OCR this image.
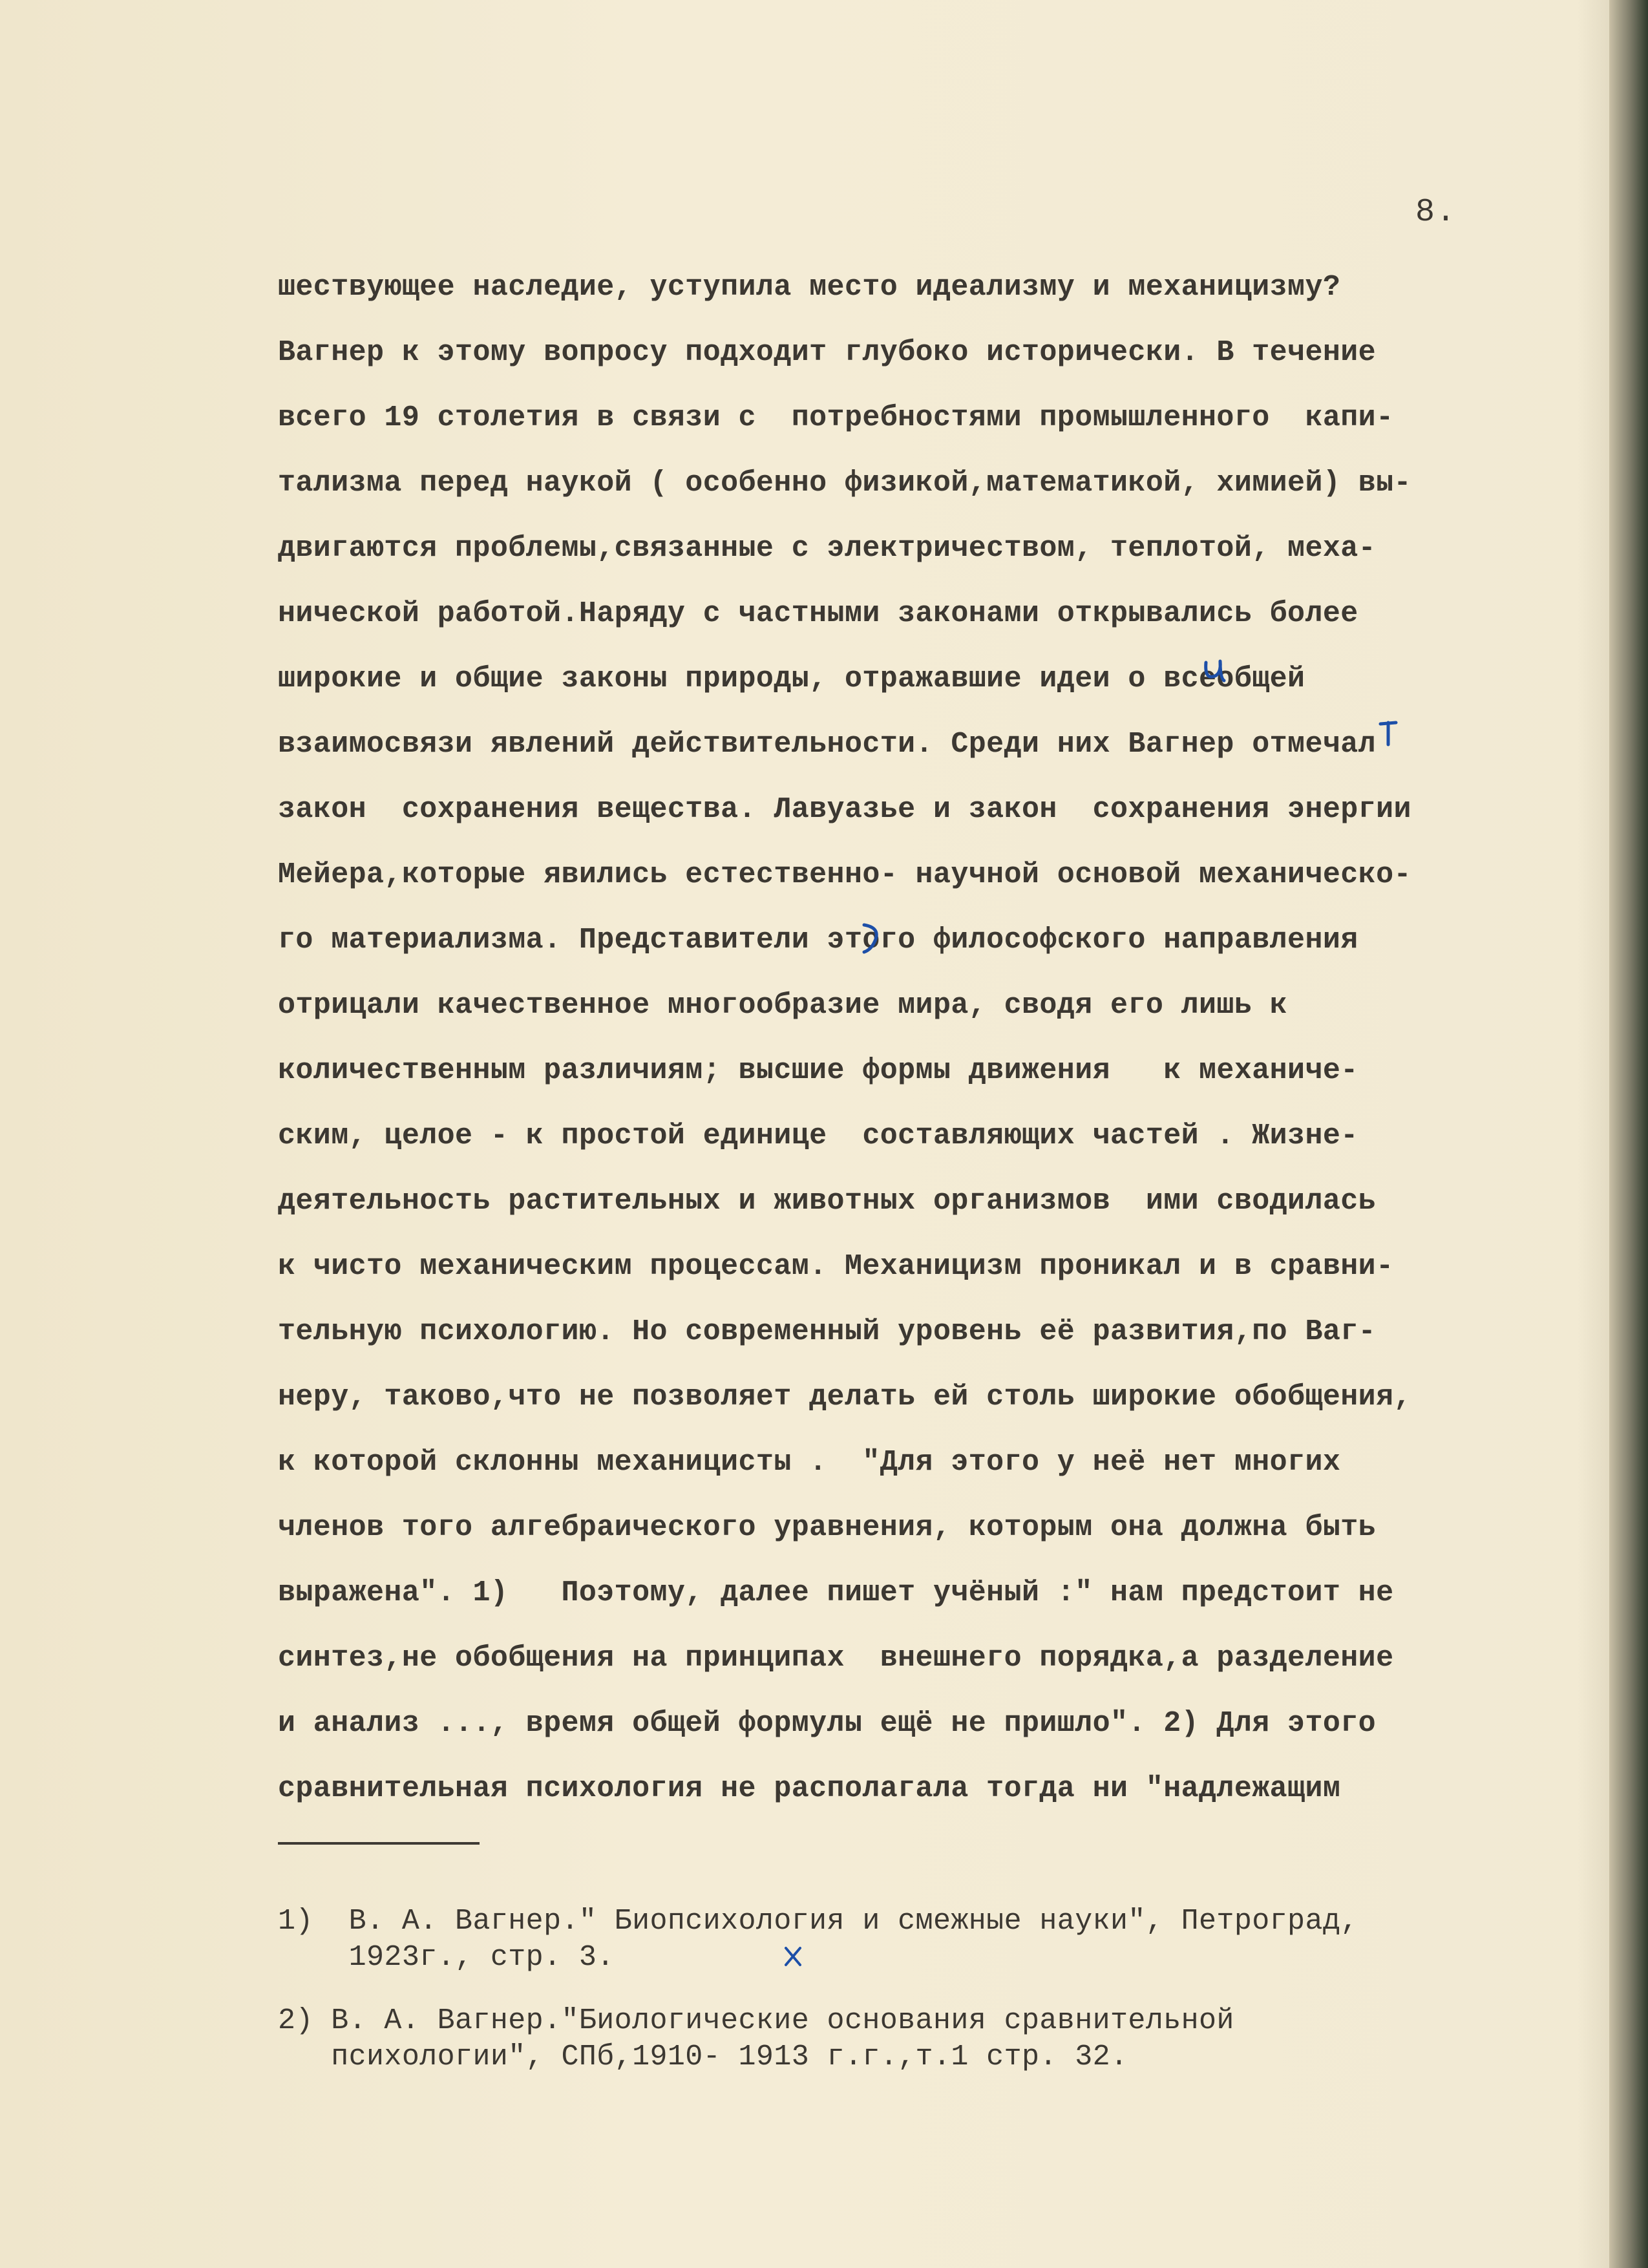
8.
шествующее наследие, уступила место идеализму и механицизму?
Вагнер к этому вопросу подходит глубоко исторически. В течение
всего 19 столетия в связи с  потребностями промышленного  капи-
тализма перед наукой ( особенно физикой,математикой, химией) вы-
двигаются проблемы,связанные с электричеством, теплотой, меха-
нической работой.Наряду с частными законами открывались более
широкие и общие законы природы, отражавшие идеи о всеобщей
взаимосвязи явлений действительности. Среди них Вагнер отмечал
закон  сохранения вещества. Лавуазье и закон  сохранения энергии
Мейера,которые явились естественно- научной основой механическо-
го материализма. Представители этого философского направления
отрицали качественное многообразие мира, сводя его лишь к
количественным различиям; высшие формы движения   к механиче-
ским, целое - к простой единице  составляющих частей . Жизне-
деятельность растительных и животных организмов  ими сводилась
к чисто механическим процессам. Механицизм проникал и в сравни-
тельную психологию. Но современный уровень её развития,по Ваг-
неру, таково,что не позволяет делать ей столь широкие обобщения,
к которой склонны механицисты .  "Для этого у неё нет многих
членов того алгебраического уравнения, которым она должна быть
выражена". 1)   Поэтому, далее пишет учёный :" нам предстоит не
синтез,не обобщения на принципах  внешнего порядка,а разделение
и анализ ..., время общей формулы ещё не пришло". 2) Для этого
сравнительная психология не располагала тогда ни "надлежащим
1)  В. А. Вагнер." Биопсихология и смежные науки", Петроград,
1923г., стр. 3.
2) В. А. Вагнер."Биологические основания сравнительной
психологии", СПб,1910- 1913 г.г.,т.1 стр. 32.
